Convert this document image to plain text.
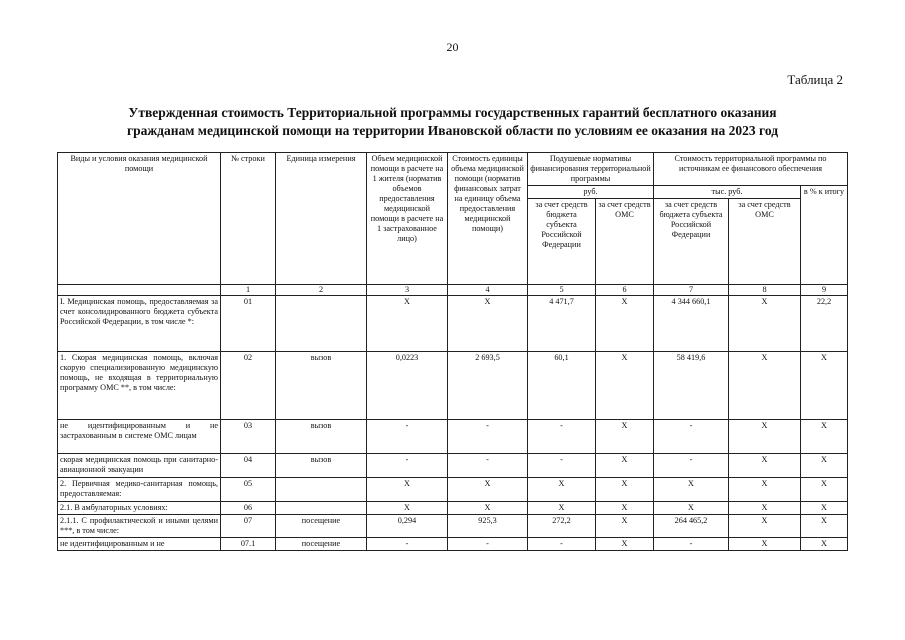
20
Таблица 2
Утвержденная стоимость Территориальной программы государственных гарантий бесплатного оказания
гражданам медицинской помощи на территории Ивановской области по условиям ее оказания на 2023 год
Виды и условия оказания медицинской помощи	№ строки	Единица измерения	Объем медицинской помощи в расчете на 1 жителя (норматив объемов предоставления медицинской помощи в расчете на 1 застрахованное лицо)	Стоимость единицы объема медицинской помощи (норматив финансовых затрат на единицу объема предоставления медицинской помощи)	Подушевые нормативы финансирования территориальной программы		Стоимость территориальной программы по источникам ее финансового обеспечения		
					руб.		тыс. руб.		в % к итогу
					за счет средств бюджета субъекта Российской Федерации	за счет средств ОМС	за счет средств бюджета субъекта Российской Федерации	за счет средств ОМС	
	1	2	3	4	5	6	7	8	9
I. Медицинская помощь, предоставляемая за счет консолидированного бюджета субъекта Российской Федерации, в том числе *:	01		Х	Х	4 471,7	Х	4 344 660,1	Х	22,2
1. Скорая медицинская помощь, включая скорую специализированную медицинскую помощь, не входящая в территориальную программу ОМС **, в том числе:	02	вызов	0,0223	2 693,5	60,1	Х	58 419,6	Х	Х
не идентифицированным и не застрахованным в системе ОМС лицам	03	вызов	-	-	-	Х	-	Х	Х
скорая медицинская помощь при санитарно-авиационной эвакуации	04	вызов	-	-	-	Х	-	Х	Х
2. Первичная медико-санитарная помощь, предоставляемая:	05		Х	Х	Х	Х	Х	Х	Х
2.1. В амбулаторных условиях:	06		Х	Х	Х	Х	Х	Х	Х
2.1.1. С профилактической и иными целями ***, в том числе:	07	посещение	0,294	925,3	272,2	Х	264 465,2	Х	Х
не идентифицированным и не	07.1	посещение	-	-	-	Х	-	Х	Х
